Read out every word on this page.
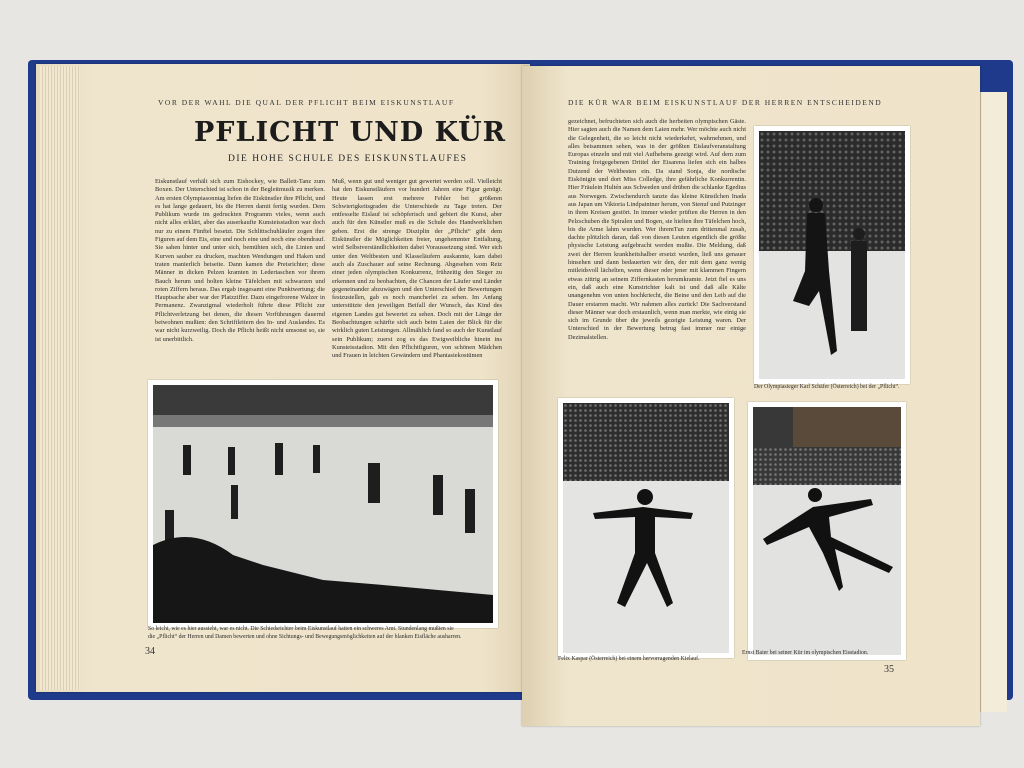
VOR DER WAHL DIE QUAL DER PFLICHT BEIM EISKUNSTLAUF
PFLICHT UND KÜR
DIE HOHE SCHULE DES EISKUNSTLAUFES
Eiskunstlauf verhält sich zum Eishockey, wie Ballett-Tanz zum Boxen. Der Unterschied ist schon in der Begleitmusik zu merken. Am ersten Olympiasonntag liefen die Eiskünstler ihre Pflicht, und es hat lange gedauert, bis die Herren damit fertig wurden. Dem Publikum wurde im gedruckten Programm vieles, wenn auch nicht alles erklärt, aber das auserkaufte Kunsteisstadion war doch nur zu einem Fünftel besetzt. Die Schlittschuhläufer zogen ihre Figuren auf dem Eis, eine und noch eine und noch eine obendrauf. Sie sahen hinter und unter sich, bemühten sich, die Linien und Kurven sauber zu drucken, machten Wendungen und Haken und traten manierlich beiseite. Dann kamen die Preisrichter; diese Männer in dicken Pelzen kramten in Ledertaschen vor ihrem Bauch herum und holten kleine Täfelchen mit schwarzen und roten Ziffern heraus. Das ergab insgesamt eine Punktwertung; die Hauptsache aber war der Platzziffer. Dazu eingefrorene Walzer in Permanenz. Zwanzigmal wiederholt führte diese Pflicht zur Pflichtverletzung bei denen, die diesen Vorführungen dauernd beiwohnen mußten: den Schriftleitern des In- und Auslandes. Es war nicht kurzweilig. Doch die Pflicht heißt nicht umsonst so, sie ist unerbittlich.
Muß, wenn gut und weniger gut gewertet werden soll. Vielleicht hat den Eiskunstläufern vor hundert Jahren eine Figur genügt. Heute lassen erst mehrere Fehler bei größeren Schwierigkeitsgraden die Unterschiede zu Tage treten. Der entfesselte Eislauf ist schöpferisch und gebiert die Kunst, aber auch für den Künstler muß es die Schule des Handwerklichen geben. Erst die strenge Disziplin der „Pflicht“ gibt dem Eiskünstler die Möglichkeiten freier, ungehemmter Entfaltung, wird Selbstverständlichkeiten dabei Voraussetzung sind. Wer sich unter den Weltbesten und Klasseläufern auskannte, kam dabei auch als Zuschauer auf seine Rechnung. Abgesehen vom Reiz einer jeden olympischen Konkurrenz, frühzeitig den Sieger zu erkennen und zu beobachten, die Chancen der Läufer und Länder gegeneinander abzuwägen und den Unterschied der Bewertungen festzustellen, gab es noch mancherlei zu sehen. Im Anfang unterstützte den jeweiligen Beifall der Wunsch, das Kind des eigenen Landes gut bewertet zu sehen. Doch mit der Länge der Beobachtungen schärfte sich auch beim Laien der Blick für die wirklich guten Leistungen. Allmählich fand so auch der Kunstlauf sein Publikum; zuerst zog es das Ewigweibliche hinein ins Kunsteisstadion. Mit den Pflichtfiguren, von schönen Mädchen und Frauen in leichten Gewändern und Phantasiekostümen
So leicht, wie es hier aussieht, war es nicht. Die Schiedsrichter beim Eiskunstlauf hatten ein schweres Amt. Stundenlang mußten sie
die „Pflicht“ der Herren und Damen bewerten und ohne Sichtungs- und Bewegungsmöglichkeiten auf der blanken Eisfläche ausharren.
34
DIE KÜR WAR BEIM EISKUNSTLAUF DER HERREN ENTSCHEIDEND
gezeichnet, befruchteten sich auch die herbeiten olympischen Gäste. Hier sagten auch die Namen dem Laien mehr. Wer möchte auch nicht die Gelegenheit, die so leicht nicht wiederkehrt, wahrnehmen, und alles beisammen sehen, was in der größten Eislaufveranstaltung Europas einzeln und mit viel Aufhebens gezeigt wird. Auf dem zum Training freigegebenen Drittel der Eisarena liefen sich ein halbes Dutzend der Weltbesten ein. Da stand Sonja, die nordische Eiskönigin und dort Miss Colledge, ihre gefährliche Konkurrentin. Hier Fräulein Hultén aus Schweden und drüben die schlanke Egedius aus Norwegen. Zwischendurch tanzte das kleine Künstlchen Inada aus Japan um Viktoria Lindpaintner herum, von Stenuf und Putzinger in ihren Kreisen gestört. In immer wieder prüften die Herren in den Pelzschuben die Spiralen und Bogen, sie hielten ihre Täfelchen hoch, bis die Arme lahm wurden. Wer ihremTun zum drittenmal zusah, dachte plötzlich daran, daß von diesen Leuten eigentlich die größte physische Leistung aufgebracht werden mußte. Die Meldung, daß zwei der Herren krankheitshalber ersetzt wurden, ließ uns genauer hinsehen und dann bedauerten wir den, der mit dem ganz wenig mitleidsvoll lächelten, wenn dieser oder jener mit klammen Fingern etwas zittrig an seinem Ziffernkasten herumkramte. Jetzt fiel es uns ein, daß auch eine Kunstrichter kalt ist und daß alle Kälte unangenehm von unten hochkriecht, die Beine und den Leib auf die Dauer erstarren macht. Wir nahmen alles zurück! Die Sachverstand dieser Männer war doch erstaunlich, wenn man merkte, wie einig sie sich im Grunde über die jeweils gezeigte Leistung waren. Der Unterschied in der Bewertung betrug fast immer nur einige Dezimalstellen.
Der Olympiasieger Karl Schäfer (Österreich) bei der „Pflicht“.
Felix Kaspar (Österreich) bei einem hervorragenden Kielauf.
Ernst Baier bei seiner Kür im olympischen Eisstadion.
35
